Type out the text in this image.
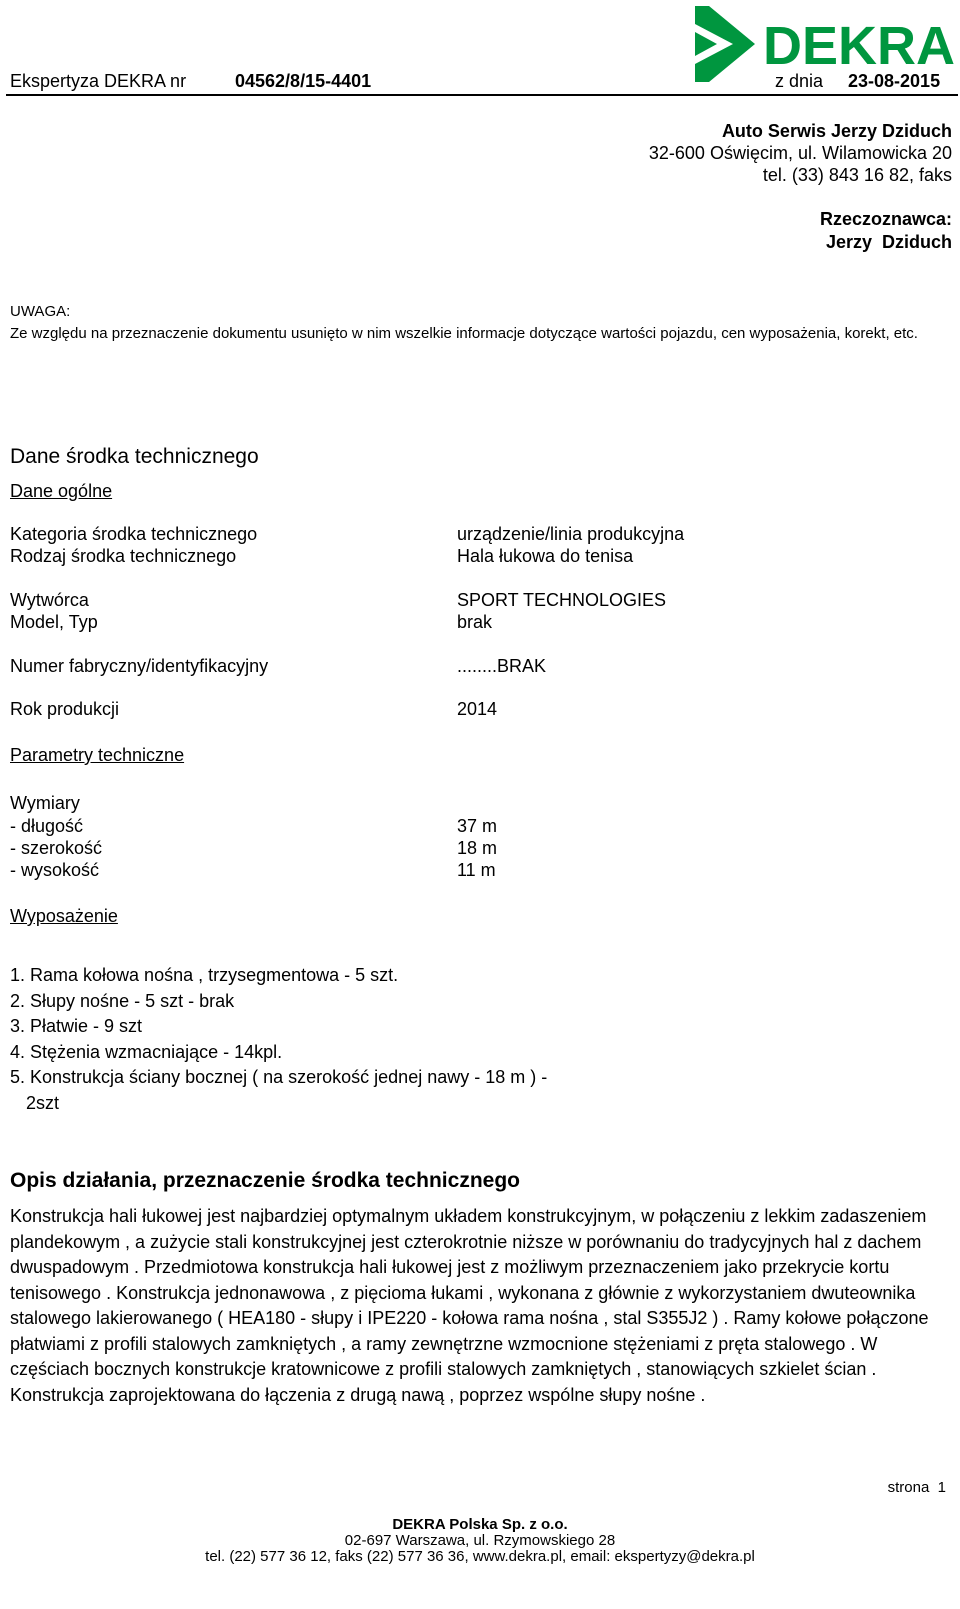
DEKRA
Ekspertyza DEKRA nr	04562/8/15-4401	z dnia 23-08-2015
Auto Serwis Jerzy Dziduch
32-600 Oświęcim, ul. Wilamowicka 20
tel. (33) 843 16 82, faks
Rzeczoznawca:
Jerzy  Dziduch
UWAGA:
Ze względu na przeznaczenie dokumentu usunięto w nim wszelkie informacje dotyczące wartości pojazdu, cen wyposażenia, korekt, etc.
Dane środka technicznego
Dane ogólne
Kategoria środka technicznego	urządzenie/linia produkcyjna
Rodzaj środka technicznego	Hala łukowa do tenisa
Wytwórca	SPORT TECHNOLOGIES
Model, Typ	brak
Numer fabryczny/identyfikacyjny	........BRAK
Rok produkcji	2014
Parametry techniczne
Wymiary
- długość	37 m
- szerokość	18 m
- wysokość	11 m
Wyposażenie
1. Rama kołowa nośna , trzysegmentowa - 5 szt.
2. Słupy nośne - 5 szt - brak
3. Płatwie - 9 szt
4. Stężenia wzmacniające - 14kpl.
5. Konstrukcja ściany bocznej ( na szerokość jednej nawy - 18 m ) -
2szt
Opis działania, przeznaczenie środka technicznego
Konstrukcja hali łukowej jest najbardziej optymalnym układem konstrukcyjnym, w połączeniu z lekkim zadaszeniem plandekowym , a zużycie stali konstrukcyjnej jest czterokrotnie niższe w porównaniu do tradycyjnych hal z dachem dwuspadowym . Przedmiotowa konstrukcja hali łukowej jest z możliwym przeznaczeniem jako przekrycie kortu tenisowego . Konstrukcja jednonawowa , z pięcioma łukami , wykonana z głównie z wykorzystaniem dwuteownika stalowego lakierowanego ( HEA180 - słupy i IPE220 - kołowa rama nośna , stal S355J2 ) . Ramy kołowe połączone płatwiami z profili stalowych zamkniętych , a ramy zewnętrzne wzmocnione stężeniami z pręta stalowego . W częściach bocznych konstrukcje kratownicowe z profili stalowych zamkniętych , stanowiących szkielet ścian . Konstrukcja zaprojektowana do łączenia z drugą nawą , poprzez wspólne słupy nośne .
strona 1
DEKRA Polska Sp. z o.o.
02-697 Warszawa, ul. Rzymowskiego 28
tel. (22) 577 36 12, faks (22) 577 36 36, www.dekra.pl, email: ekspertyzy@dekra.pl
